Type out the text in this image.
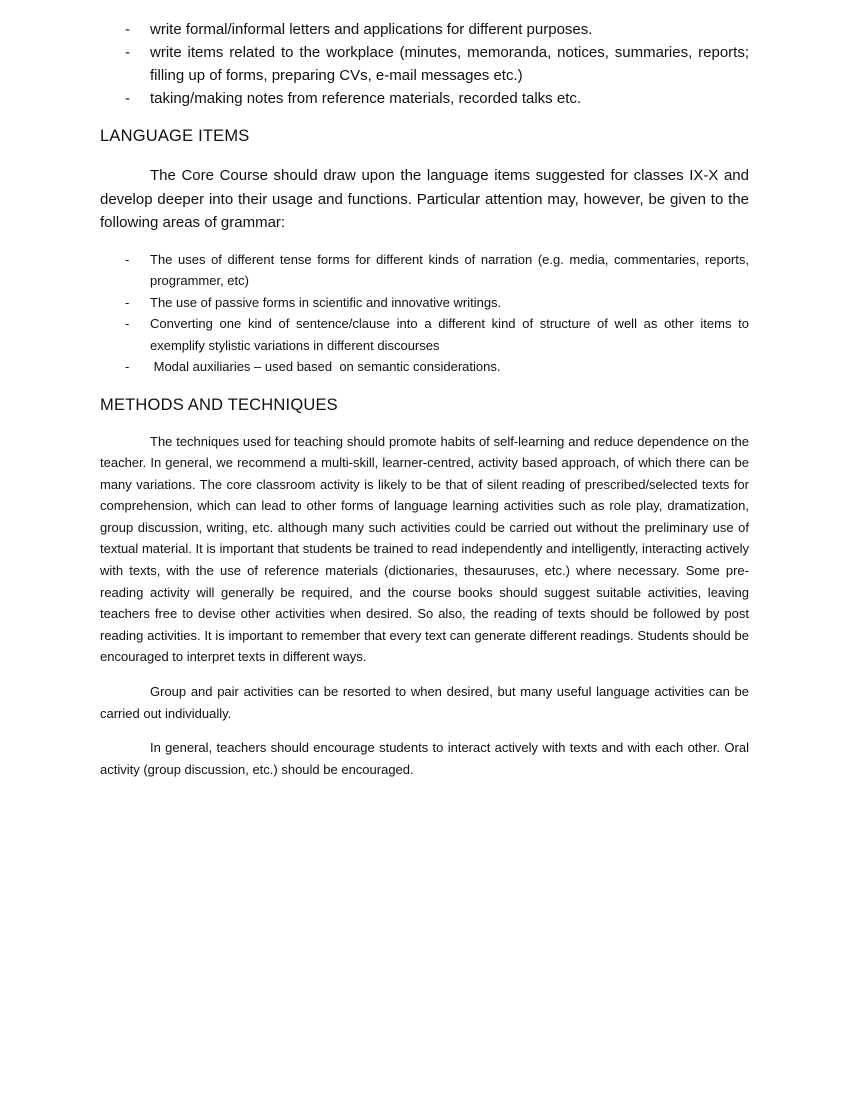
- write formal/informal letters and applications for different purposes.
- write items related to the workplace (minutes, memoranda, notices, summaries, reports; filling up of forms, preparing CVs, e-mail messages etc.)
- taking/making notes from reference materials, recorded talks etc.
LANGUAGE ITEMS

The Core Course should draw upon the language items suggested for classes IX-X and develop deeper into their usage and functions. Particular attention may, however, be given to the following areas of grammar:

- The uses of different tense forms for different kinds of narration (e.g. media, commentaries, reports, programmer, etc)
- The use of passive forms in scientific and innovative writings.
- Converting one kind of sentence/clause into a different kind of structure of well as other items to exemplify stylistic variations in different discourses
- Modal auxiliaries – used based  on semantic considerations.
METHODS AND TECHNIQUES

The techniques used for teaching should promote habits of self-learning and reduce dependence on the teacher. In general, we recommend a multi-skill, learner-centred, activity based approach, of which there can be many variations. The core classroom activity is likely to be that of silent reading of prescribed/selected texts for comprehension, which can lead to other forms of language learning activities such as role play, dramatization, group discussion, writing, etc. although many such activities could be carried out without the preliminary use of textual material. It is important that students be trained to read independently and intelligently, interacting actively with texts, with the use of reference materials (dictionaries, thesauruses, etc.) where necessary. Some pre-reading activity will generally be required, and the course books should suggest suitable activities, leaving teachers free to devise other activities when desired. So also, the reading of texts should be followed by post reading activities. It is important to remember that every text can generate different readings. Students should be encouraged to interpret texts in different ways.

Group and pair activities can be resorted to when desired, but many useful language activities can be carried out individually.

In general, teachers should encourage students to interact actively with texts and with each other. Oral activity (group discussion, etc.) should be encouraged.
